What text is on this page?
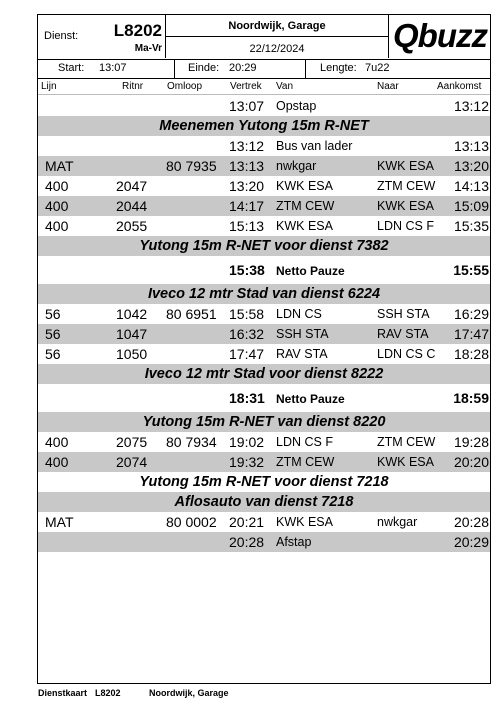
Dienst:	L8202
Ma-Vr
Noordwijk, Garage
22/12/2024	Qbuzz
Start: 13:07	Einde: 20:29	Lengte: 7u22
Lijn	Ritnr Omloop	Vertrek Van	Naar	Aankomst
13:07 Opstap	13:12
Meenemen Yutong 15m R-NET
13:12 Bus van lader	13:13
MAT	80 7935 13:13 nwkgar	KWK ESA 13:20
400	2047	13:20 KWK ESA	ZTM CEW 14:13
400	2044	14:17 ZTM CEW	KWK ESA 15:09
400	2055	15:13 KWK ESA	LDN CS F 15:35
Yutong 15m R-NET voor dienst 7382
15:38 Netto Pauze	15:55
Iveco 12 mtr Stad van dienst 6224
56	1042 80 6951 15:58 LDN CS	SSH STA 16:29
56	1047	16:32 SSH STA	RAV STA 17:47
56	1050	17:47 RAV STA	LDN CS C 18:28
Iveco 12 mtr Stad voor dienst 8222
18:31 Netto Pauze	18:59
Yutong 15m R-NET van dienst 8220
400	2075 80 7934 19:02 LDN CS F	ZTM CEW 19:28
400	2074	19:32 ZTM CEW	KWK ESA 20:20
Yutong 15m R-NET voor dienst 7218
Aflosauto van dienst 7218
MAT	80 0002 20:21 KWK ESA	nwkgar	20:28
20:28 Afstap	20:29
Dienstkaart L8202	Noordwijk, Garage
